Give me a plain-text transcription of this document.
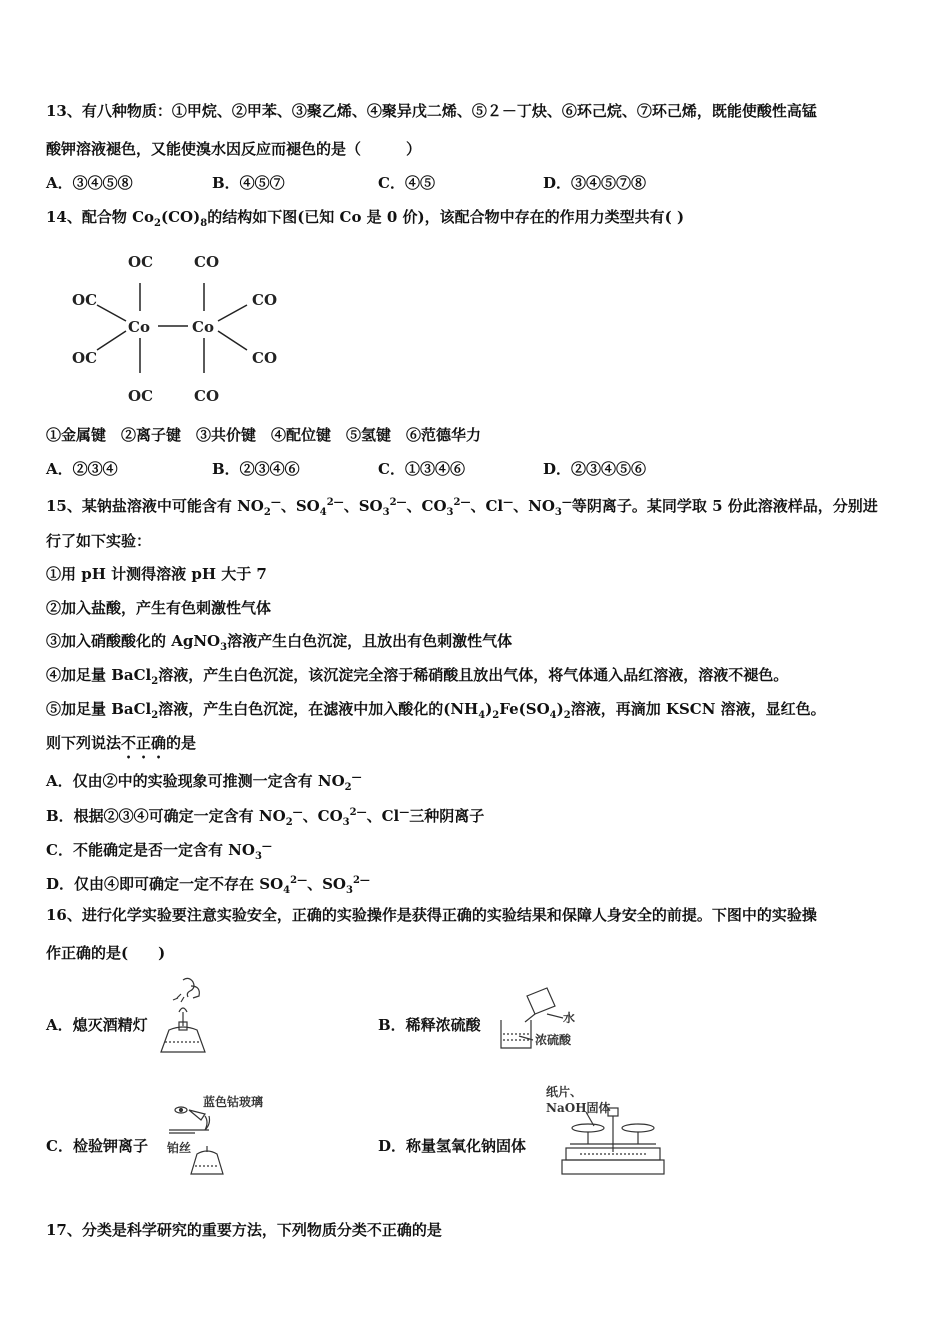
13、有八种物质：①甲烷、②甲苯、③聚乙烯、④聚异戊二烯、⑤２－丁炔、⑥环己烷、⑦环己烯，既能使酸性高锰
酸钾溶液褪色，又能使溴水因反应而褪色的是（　　　）
A．③④⑤⑧	B．④⑤⑦	C．④⑤	D．③④⑤⑦⑧
14、配合物 $Co_2(CO)_8$的结构如下图(已知 Co 是 0 价)，该配合物中存在的作用力类型共有( )
OC	CO
OC	CO
Co	Co
OC	CO
OC	CO
①金属键　②离子键　③共价键　④配位键　⑤氢键　⑥范德华力
A．②③④	B．②③④⑥	C．①③④⑥	D．②③④⑤⑥
15、某钠盐溶液中可能含有 $NO_2^—$、$SO_4^{2—}$、$SO_3^{2—}$、$CO_3^{2—}$、Cl—、$NO_3^—$等阴离子。某同学取 5 份此溶液样品，分别进
行了如下实验：
①用 pH 计测得溶液 pH 大于 7
②加入盐酸，产生有色刺激性气体
③加入硝酸酸化的 AgNO$_3$溶液产生白色沉淀，且放出有色刺激性气体
④加足量 BaCl$_2$溶液，产生白色沉淀，该沉淀完全溶于稀硝酸且放出气体，将气体通入品红溶液，溶液不褪色。
⑤加足量 BaCl$_2$溶液，产生白色沉淀，在滤液中加入酸化的$(NH_4)_2Fe(SO_4)_2$溶液，再滴加 KSCN 溶液，显红色。
则下列说法不正确的是
A．仅由②中的实验现象可推测一定含有 $NO_2^—$
B．根据②③④可确定一定含有 $NO_2^—$、$CO_3^{2—}$、Cl—三种阴离子
C．不能确定是否一定含有 $NO_3^—$
D．仅由④即可确定一定不存在 $SO_4^{2—}$、$SO_3^{2—}$
16、进行化学实验要注意实验安全，正确的实验操作是获得正确的实验结果和保障人身安全的前提。下图中的实验操
作正确的是(　　)
A．熄灭酒精灯	B．稀释浓硫酸	水
浓硫酸
C．检验钾离子
蓝色钴玻璃
铂丝	D．称量氢氧化钠固体
纸片、
NaOH固体
17、分类是科学研究的重要方法，下列物质分类不正确的是
